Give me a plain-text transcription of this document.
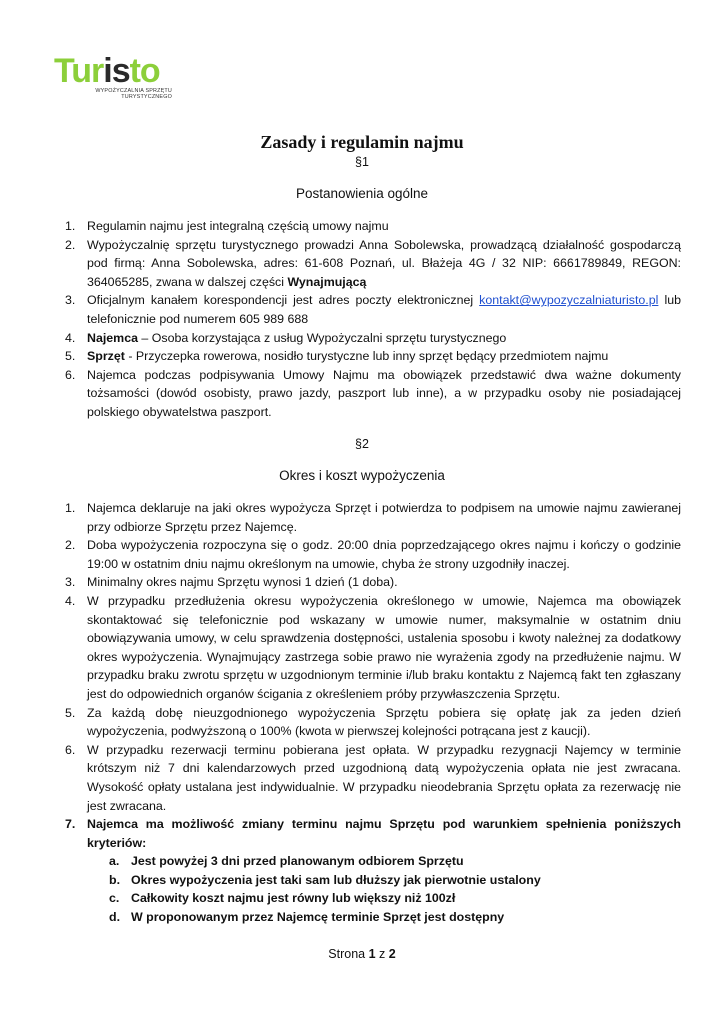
Turisto
WYPOŻYCZALNIA SPRZĘTU
TURYSTYCZNEGO
Zasady i regulamin najmu
§1
Postanowienia ogólne
1. Regulamin najmu jest integralną częścią umowy najmu
2. Wypożyczalnię sprzętu turystycznego prowadzi Anna Sobolewska, prowadzącą działalność gospodarczą pod firmą: Anna Sobolewska, adres: 61-608 Poznań, ul. Błażeja 4G / 32 NIP: 6661789849, REGON: 364065285, zwana w dalszej części Wynajmującą
3. Oficjalnym kanałem korespondencji jest adres poczty elektronicznej kontakt@wypozyczalniaturisto.pl lub telefonicznie pod numerem 605 989 688
4. Najemca – Osoba korzystająca z usług Wypożyczalni sprzętu turystycznego
5. Sprzęt - Przyczepka rowerowa, nosidło turystyczne lub inny sprzęt będący przedmiotem najmu
6. Najemca podczas podpisywania Umowy Najmu ma obowiązek przedstawić dwa ważne dokumenty tożsamości (dowód osobisty, prawo jazdy, paszport lub inne), a w przypadku osoby nie posiadającej polskiego obywatelstwa paszport.
§2
Okres i koszt wypożyczenia
1. Najemca deklaruje na jaki okres wypożycza Sprzęt i potwierdza to podpisem na umowie najmu zawieranej przy odbiorze Sprzętu przez Najemcę.
2. Doba wypożyczenia rozpoczyna się o godz. 20:00 dnia poprzedzającego okres najmu i kończy o godzinie 19:00 w ostatnim dniu najmu określonym na umowie, chyba że strony uzgodniły inaczej.
3. Minimalny okres najmu Sprzętu wynosi 1 dzień (1 doba).
4. W przypadku przedłużenia okresu wypożyczenia określonego w umowie, Najemca ma obowiązek skontaktować się telefonicznie pod wskazany w umowie numer, maksymalnie w ostatnim dniu obowiązywania umowy, w celu sprawdzenia dostępności, ustalenia sposobu i kwoty należnej za dodatkowy okres wypożyczenia. Wynajmujący zastrzega sobie prawo nie wyrażenia zgody na przedłużenie najmu. W przypadku braku zwrotu sprzętu w uzgodnionym terminie i/lub braku kontaktu z Najemcą fakt ten zgłaszany jest do odpowiednich organów ścigania z określeniem próby przywłaszczenia Sprzętu.
5. Za każdą dobę nieuzgodnionego wypożyczenia Sprzętu pobiera się opłatę jak za jeden dzień wypożyczenia, podwyższoną o 100% (kwota w pierwszej kolejności potrącana jest z kaucji).
6. W przypadku rezerwacji terminu pobierana jest opłata. W przypadku rezygnacji Najemcy w terminie krótszym niż 7 dni kalendarzowych przed uzgodnioną datą wypożyczenia opłata nie jest zwracana. Wysokość opłaty ustalana jest indywidualnie. W przypadku nieodebrania Sprzętu opłata za rezerwację nie jest zwracana.
7. Najemca ma możliwość zmiany terminu najmu Sprzętu pod warunkiem spełnienia poniższych kryteriów:
a. Jest powyżej 3 dni przed planowanym odbiorem Sprzętu
b. Okres wypożyczenia jest taki sam lub dłuższy jak pierwotnie ustalony
c. Całkowity koszt najmu jest równy lub większy niż 100zł
d. W proponowanym przez Najemcę terminie Sprzęt jest dostępny
Strona 1 z 2
